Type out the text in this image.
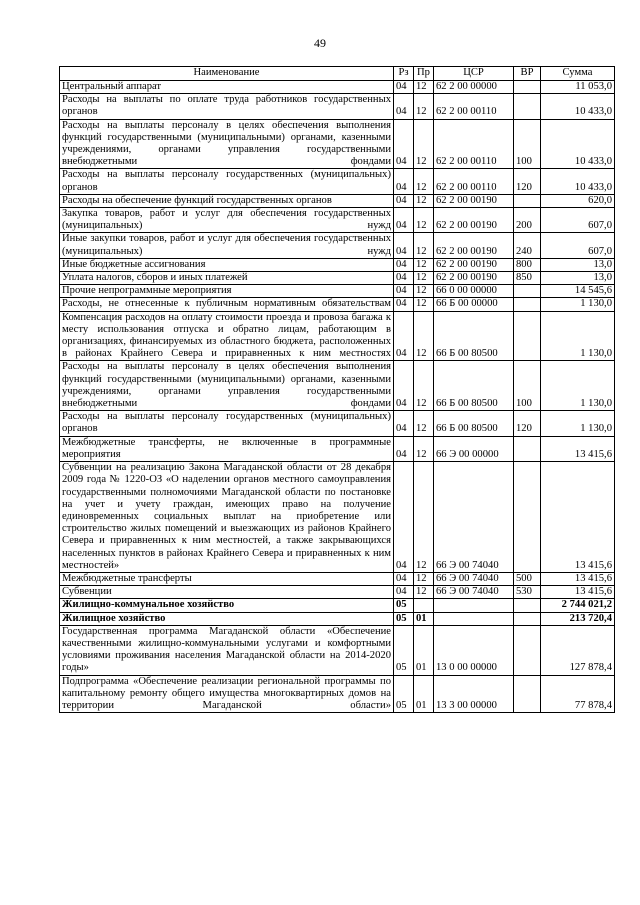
49
Наименование	Рз	Пр	ЦСР	ВР	Сумма
Центральный аппарат	04	12	62 2 00 00000		11 053,0
Расходы на выплаты по оплате труда работников государственных органов	04	12	62 2 00 00110		10 433,0
Расходы на выплаты персоналу в целях обеспечения выполнения функций государственными (муниципальными) органами, казенными учреждениями, органами управления государственными внебюджетными фондами	04	12	62 2 00 00110	100	10 433,0
Расходы на выплаты персоналу государственных (муниципальных) органов	04	12	62 2 00 00110	120	10 433,0
Расходы на обеспечение функций государственных органов	04	12	62 2 00 00190		620,0
Закупка товаров, работ и услуг для обеспечения государственных (муниципальных) нужд	04	12	62 2 00 00190	200	607,0
Иные закупки товаров, работ и услуг для обеспечения государственных (муниципальных) нужд	04	12	62 2 00 00190	240	607,0
Иные бюджетные ассигнования	04	12	62 2 00 00190	800	13,0
Уплата налогов, сборов и иных платежей	04	12	62 2 00 00190	850	13,0
Прочие непрограммные мероприятия	04	12	66 0 00 00000		14 545,6
Расходы, не отнесенные к публичным нормативным обязательствам	04	12	66 Б 00 00000		1 130,0
Компенсация расходов на оплату стоимости проезда и провоза багажа к месту использования отпуска и обратно лицам, работающим в организациях, финансируемых из областного бюджета, расположенных в районах Крайнего Севера и приравненных к ним местностях	04	12	66 Б 00 80500		1 130,0
Расходы на выплаты персоналу в целях обеспечения выполнения функций государственными (муниципальными) органами, казенными учреждениями, органами управления государственными внебюджетными фондами	04	12	66 Б 00 80500	100	1 130,0
Расходы на выплаты персоналу государственных (муниципальных) органов	04	12	66 Б 00 80500	120	1 130,0
Межбюджетные трансферты, не включенные в программные мероприятия	04	12	66 Э 00 00000		13 415,6
Субвенции на реализацию Закона Магаданской области от 28 декабря 2009 года № 1220-ОЗ «О наделении органов местного самоуправления государственными полномочиями Магаданской области по постановке на учет и учету граждан, имеющих право на получение единовременных социальных выплат на приобретение или строительство жилых помещений и выезжающих из районов Крайнего Севера и приравненных к ним местностей, а также закрывающихся населенных пунктов в районах Крайнего Севера и приравненных к ним местностей»	04	12	66 Э 00 74040		13 415,6
Межбюджетные трансферты	04	12	66 Э 00 74040	500	13 415,6
Субвенции	04	12	66 Э 00 74040	530	13 415,6
Жилищно-коммунальное хозяйство	05				2 744 021,2
Жилищное хозяйство	05	01			213 720,4
Государственная программа Магаданской области «Обеспечение качественными жилищно-коммунальными услугами и комфортными условиями проживания населения Магаданской области на 2014-2020 годы»	05	01	13 0 00 00000		127 878,4
Подпрограмма «Обеспечение реализации региональной программы по капитальному ремонту общего имущества многоквартирных домов на территории Магаданской области»	05	01	13 3 00 00000		77 878,4
